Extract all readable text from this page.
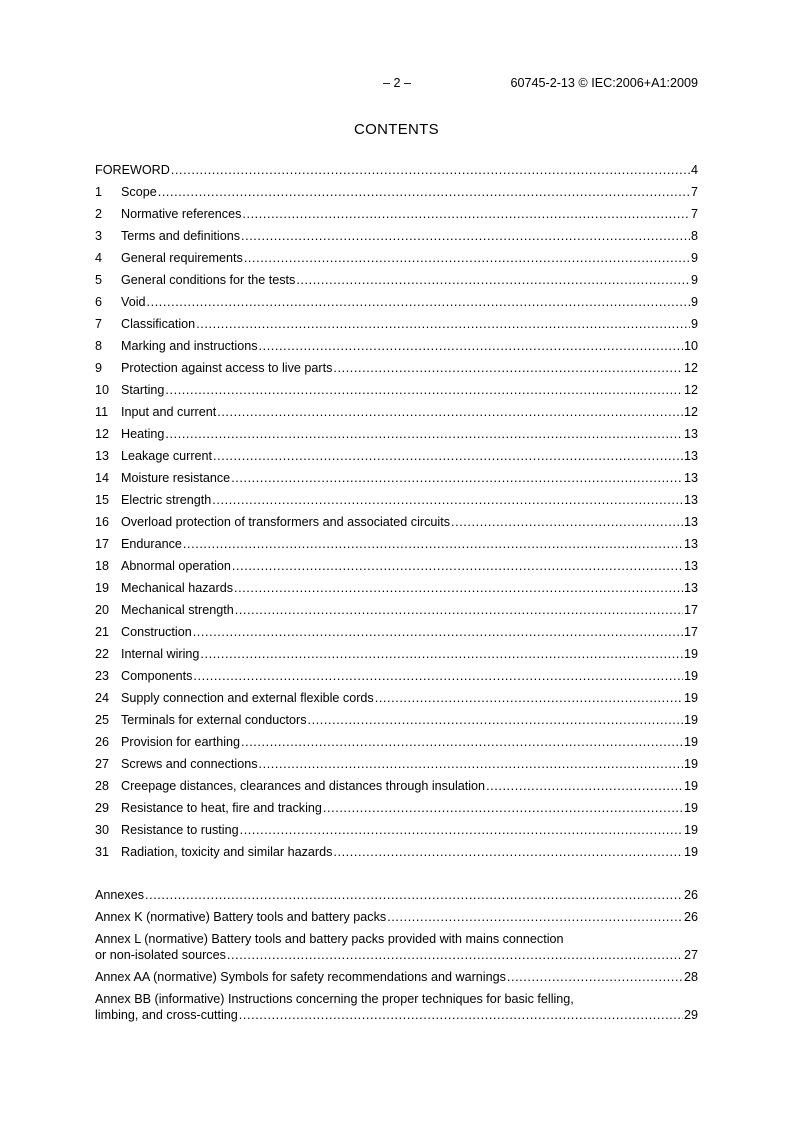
– 2 –	60745-2-13 © IEC:2006+A1:2009
CONTENTS
FOREWORD .....	4
1	Scope .....	7
2	Normative references .....	7
3	Terms and definitions .....	8
4	General requirements .....	9
5	General conditions for the tests .....	9
6	Void .....	9
7	Classification .....	9
8	Marking and instructions .....	10
9	Protection against access to live parts .....	12
10 Starting .....	12
11	Input and current .....	12
12 Heating .....	13
13 Leakage current .....	13
14 Moisture resistance .....	13
15 Electric strength .....	13
16 Overload protection of transformers and associated circuits .....	13
17 Endurance .....	13
18 Abnormal operation .....	13
19 Mechanical hazards .....	13
20 Mechanical strength .....	17
21 Construction .....	17
22 Internal wiring .....	19
23 Components .....	19
24 Supply connection and external flexible cords .....	19
25 Terminals for external conductors .....	19
26 Provision for earthing .....	19
27 Screws and connections .....	19
28 Creepage distances, clearances and distances through insulation .....	19
29 Resistance to heat, fire and tracking .....	19
30 Resistance to rusting .....	19
31 Radiation, toxicity and similar hazards .....	19
Annexes .....	26
Annex K (normative) Battery tools and battery packs .....	26
Annex L (normative) Battery tools and battery packs provided with mains connection
or non-isolated sources .....	27
Annex AA (normative) Symbols for safety recommendations and warnings .....	28
Annex BB (informative) Instructions concerning the proper techniques for basic felling,
limbing, and cross-cutting .....	29
